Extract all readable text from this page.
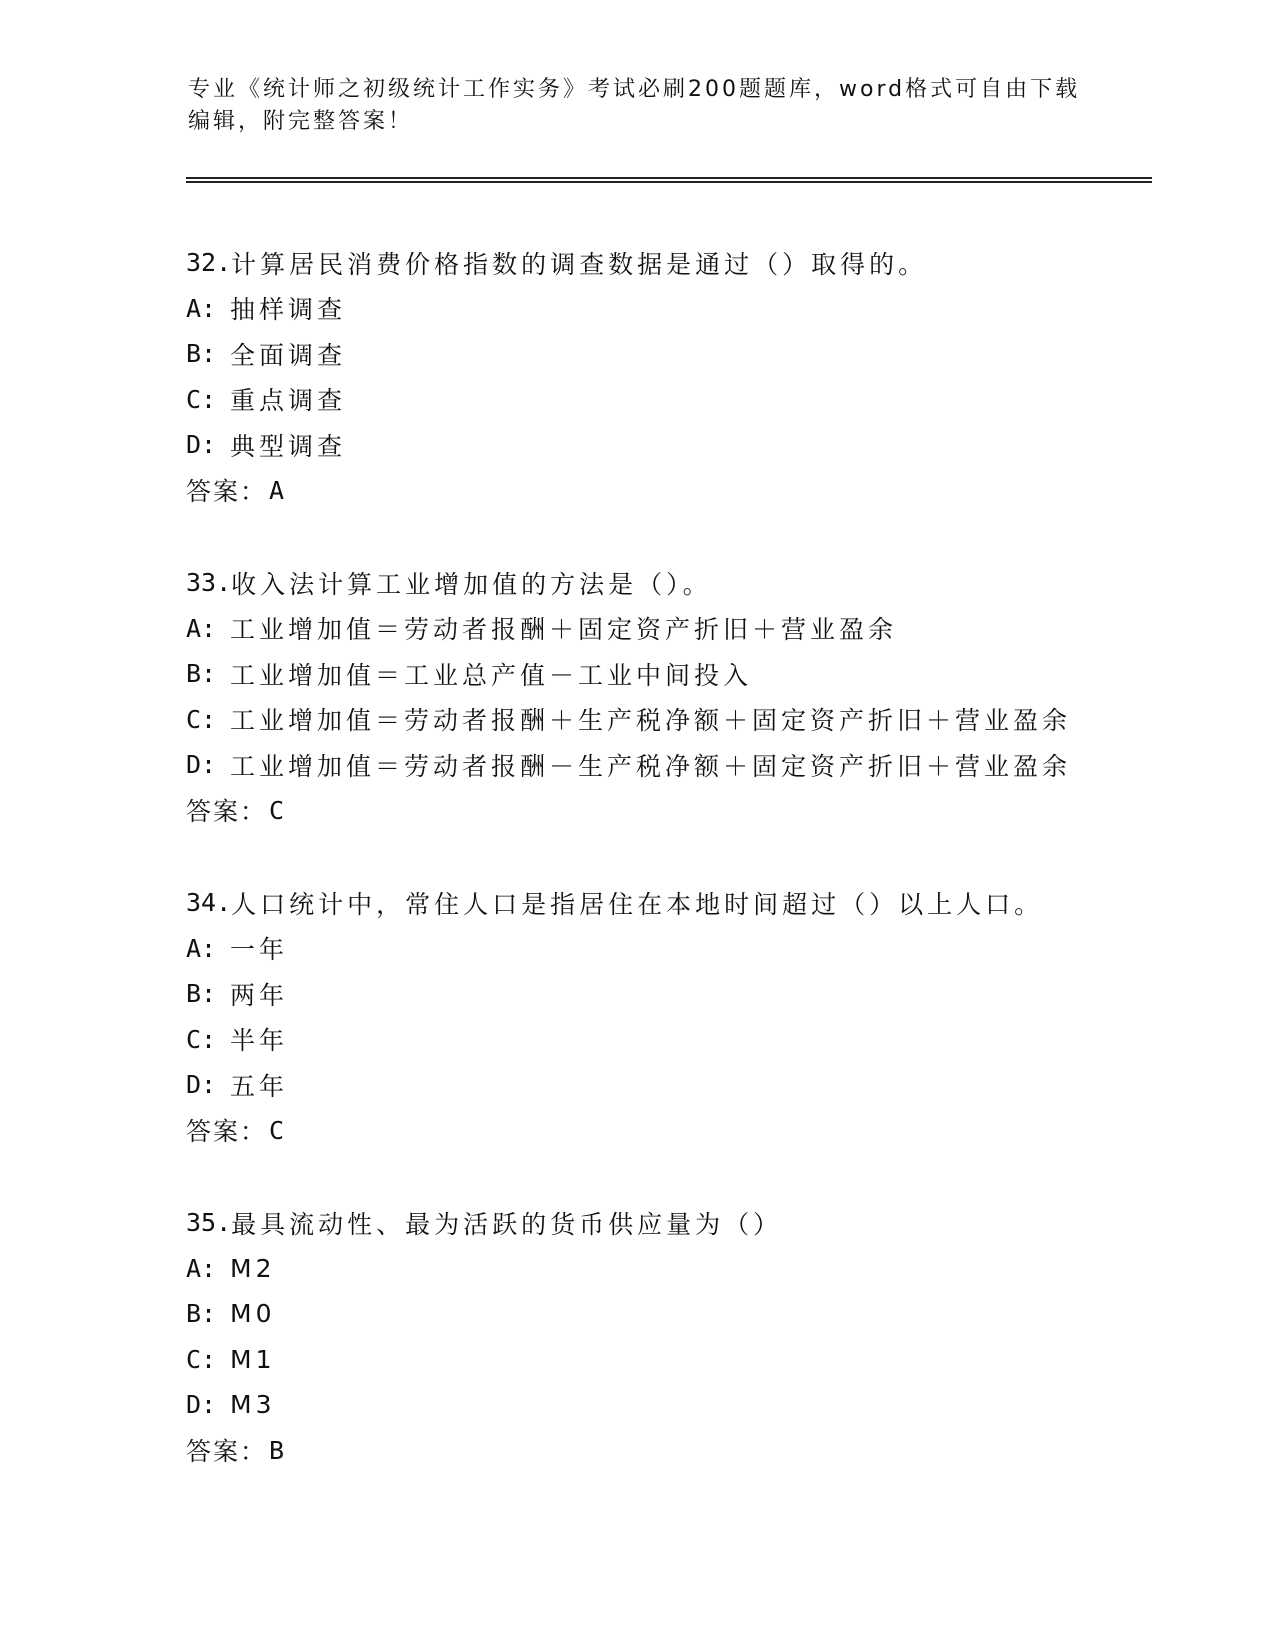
专业《统计师之初级统计工作实务》考试必刷200题题库，word格式可自由下载
编辑，附完整答案！
32. 计算居民消费价格指数的调查数据是通过（）取得的。
A: 抽样调查
B: 全面调查
C: 重点调查
D: 典型调查
答案： A
33. 收入法计算工业增加值的方法是（）。
A: 工业增加值＝劳动者报酬＋固定资产折旧＋营业盈余
B: 工业增加值＝工业总产值－工业中间投入
C: 工业增加值＝劳动者报酬＋生产税净额＋固定资产折旧＋营业盈余
D: 工业增加值＝劳动者报酬－生产税净额＋固定资产折旧＋营业盈余
答案： C
34. 人口统计中，常住人口是指居住在本地时间超过（）以上人口。
A: 一年
B: 两年
C: 半年
D: 五年
答案： C
35. 最具流动性、最为活跃的货币供应量为（）
A: M2
B: M0
C: M1
D: M3
答案： B
